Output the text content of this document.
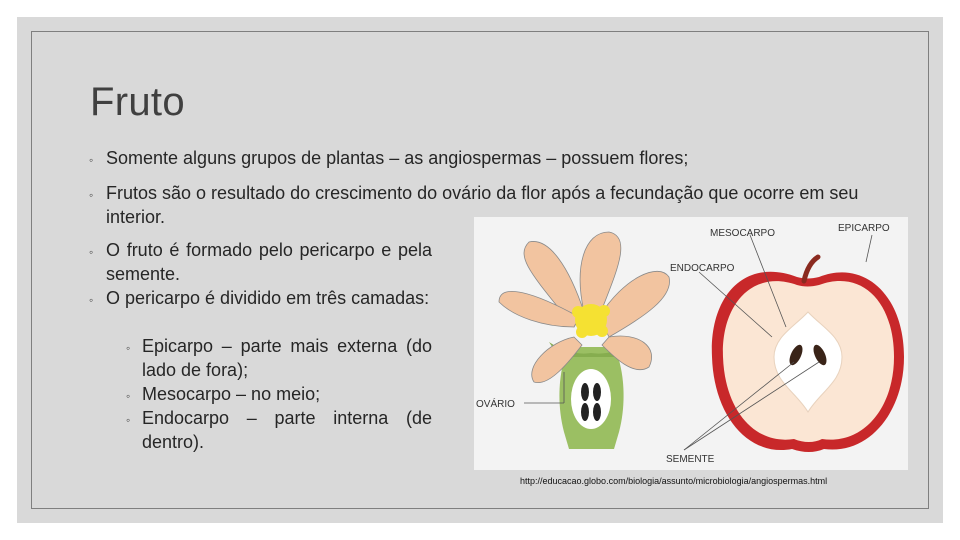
Fruto
◦ Somente alguns grupos de plantas – as angiospermas – possuem flores;
◦ Frutos são o resultado do crescimento do ovário da flor após a fecundação que ocorre em seu interior.
◦ O fruto é formado pelo pericarpo e pela semente.
◦ O pericarpo é dividido em três camadas:
◦ Epicarpo – parte mais externa (do lado de fora);
◦ Mesocarpo – no meio;
◦ Endocarpo – parte interna (de dentro).
MESOCARPO	EPICARPO
ENDOCARPO
OVÁRIO
SEMENTE
http://educacao.globo.com/biologia/assunto/microbiologia/angiospermas.html
